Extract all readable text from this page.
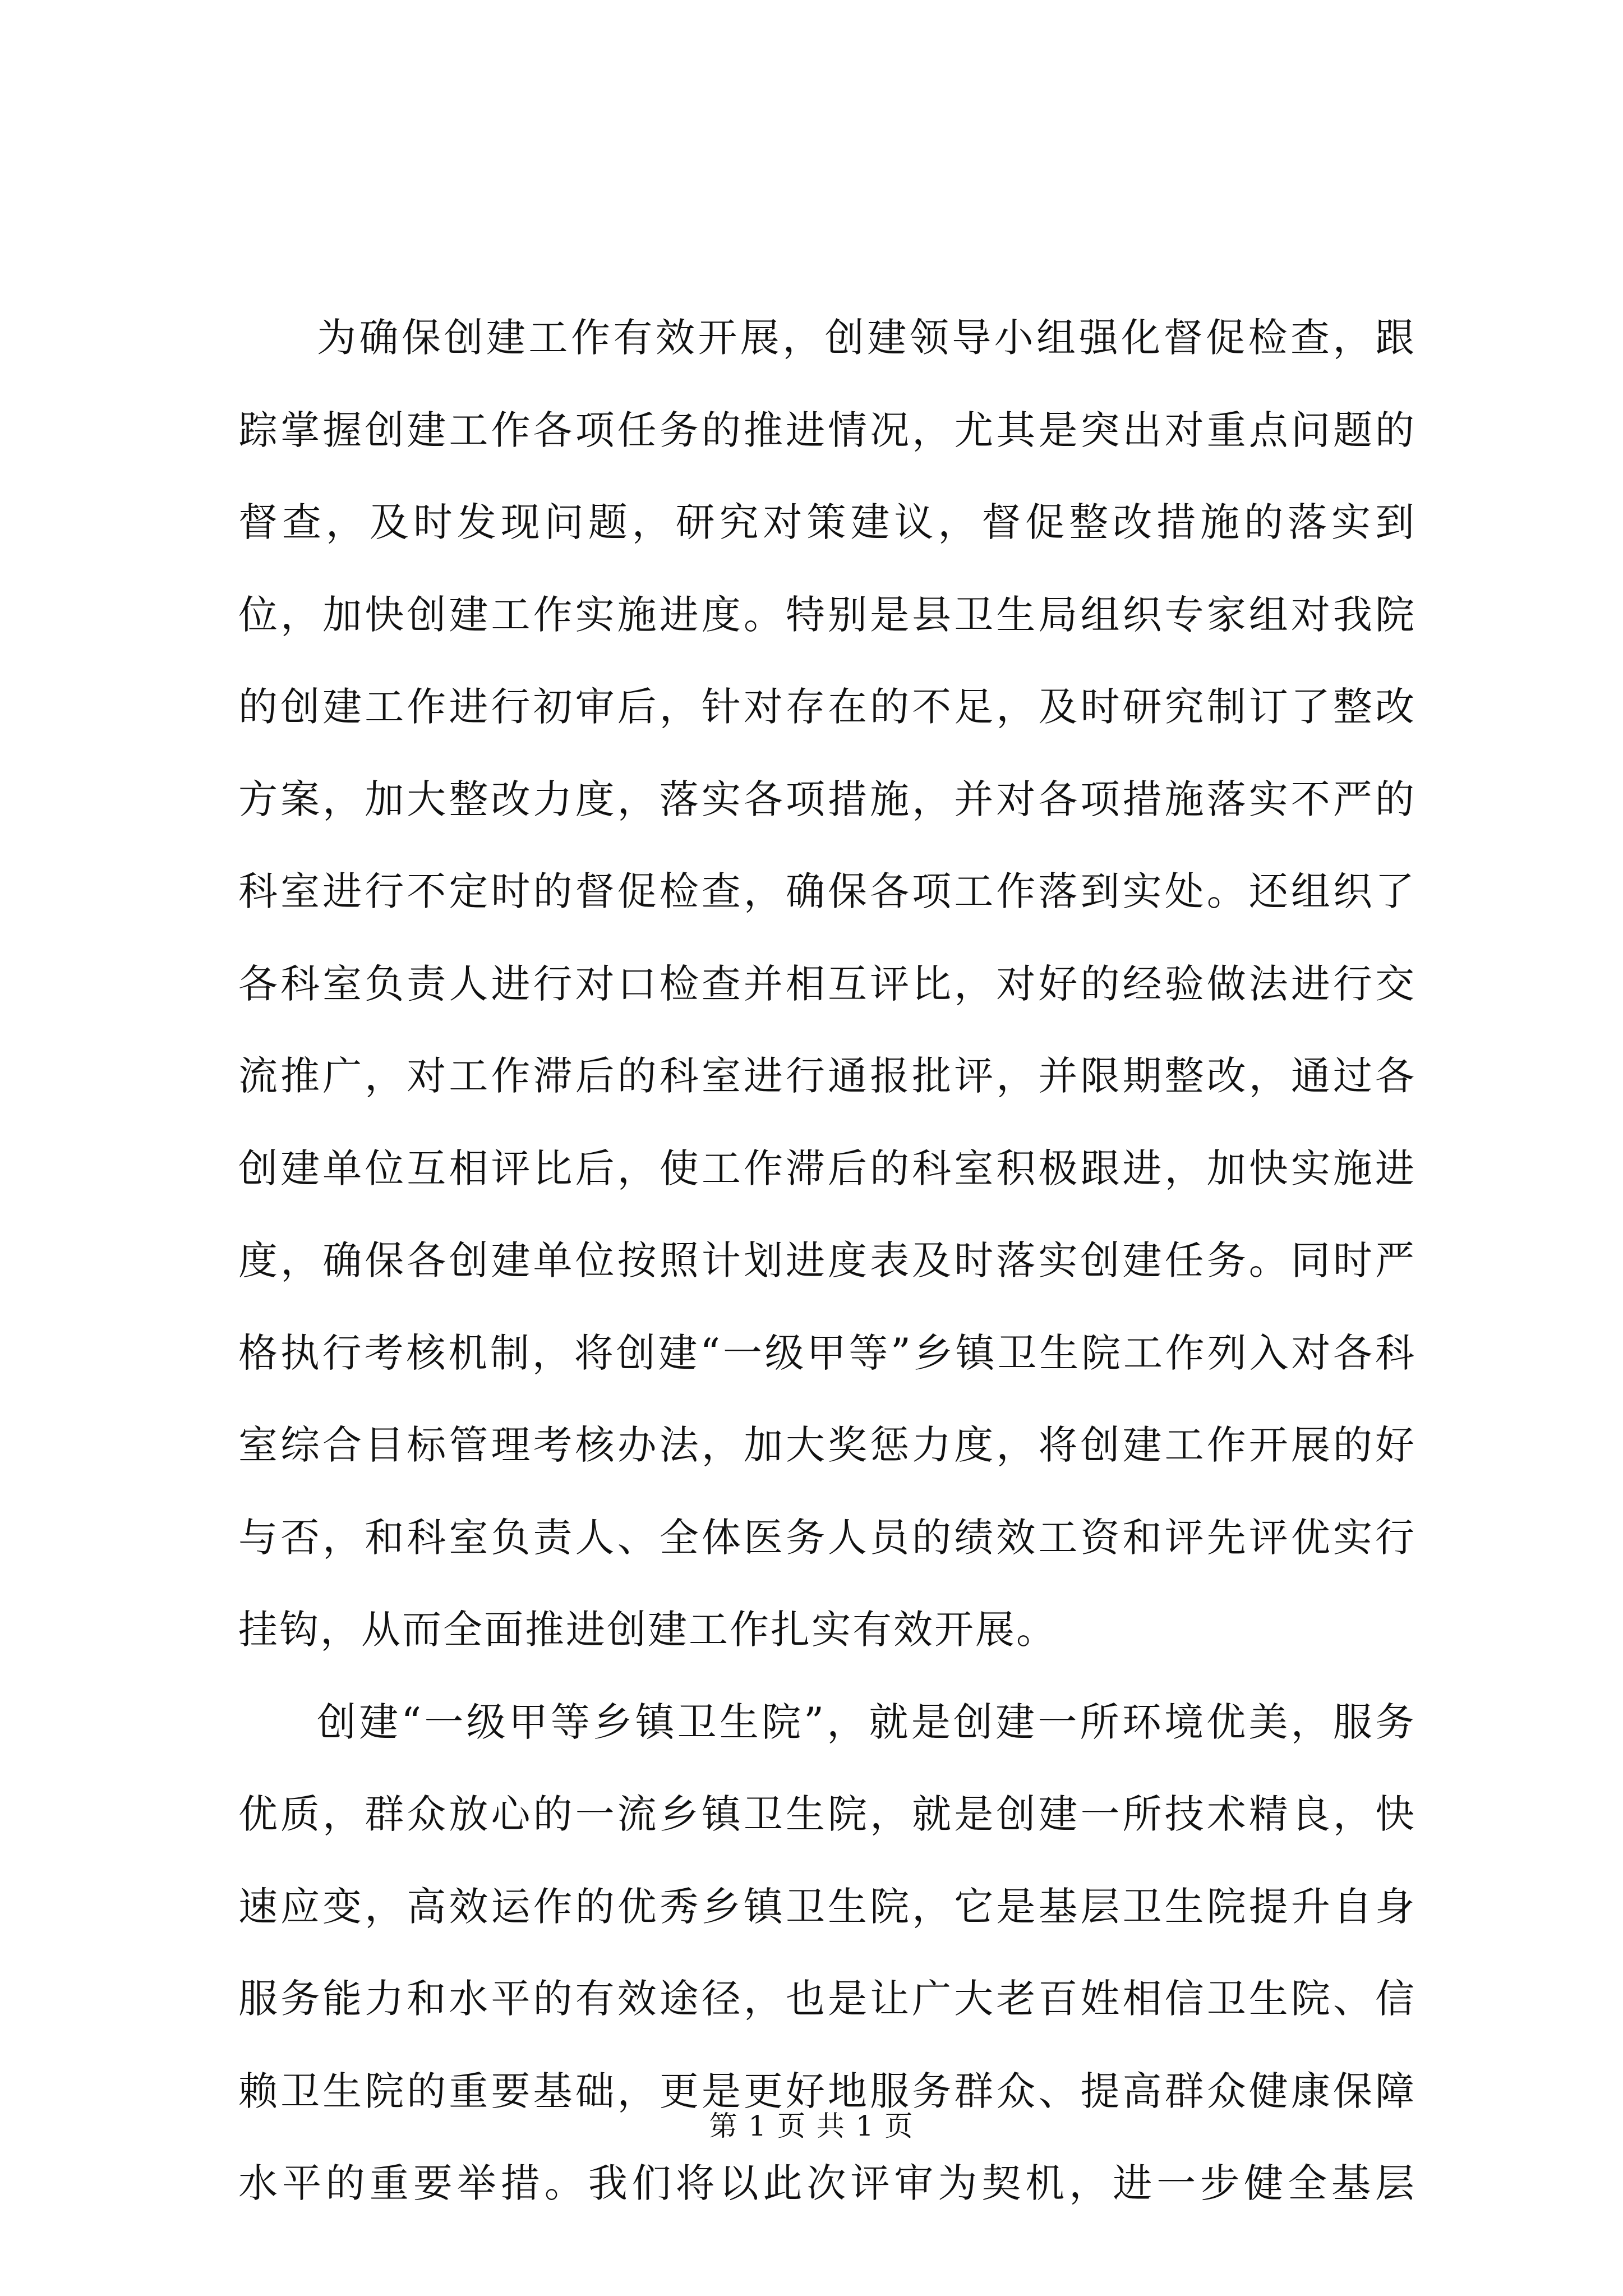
为确保创建工作有效开展，创建领导小组强化督促检查，跟踪掌握创建工作各项任务的推进情况，尤其是突出对重点问题的督查，及时发现问题，研究对策建议，督促整改措施的落实到位，加快创建工作实施进度。特别是县卫生局组织专家组对我院的创建工作进行初审后，针对存在的不足，及时研究制订了整改方案，加大整改力度，落实各项措施，并对各项措施落实不严的科室进行不定时的督促检查，确保各项工作落到实处。还组织了各科室负责人进行对口检查并相互评比，对好的经验做法进行交流推广，对工作滞后的科室进行通报批评，并限期整改，通过各创建单位互相评比后，使工作滞后的科室积极跟进，加快实施进度，确保各创建单位按照计划进度表及时落实创建任务。同时严格执行考核机制，将创建“一级甲等”乡镇卫生院工作列入对各科室综合目标管理考核办法，加大奖惩力度，将创建工作开展的好与否，和科室负责人、全体医务人员的绩效工资和评先评优实行挂钩，从而全面推进创建工作扎实有效开展。

创建“一级甲等乡镇卫生院”，就是创建一所环境优美，服务优质，群众放心的一流乡镇卫生院，就是创建一所技术精良，快速应变，高效运作的优秀乡镇卫生院，它是基层卫生院提升自身服务能力和水平的有效途径，也是让广大老百姓相信卫生院、信赖卫生院的重要基础，更是更好地服务群众、提高群众健康保障水平的重要举措。我们将以此次评审为契机，进一步健全基层

第 1 页 共 1 页
